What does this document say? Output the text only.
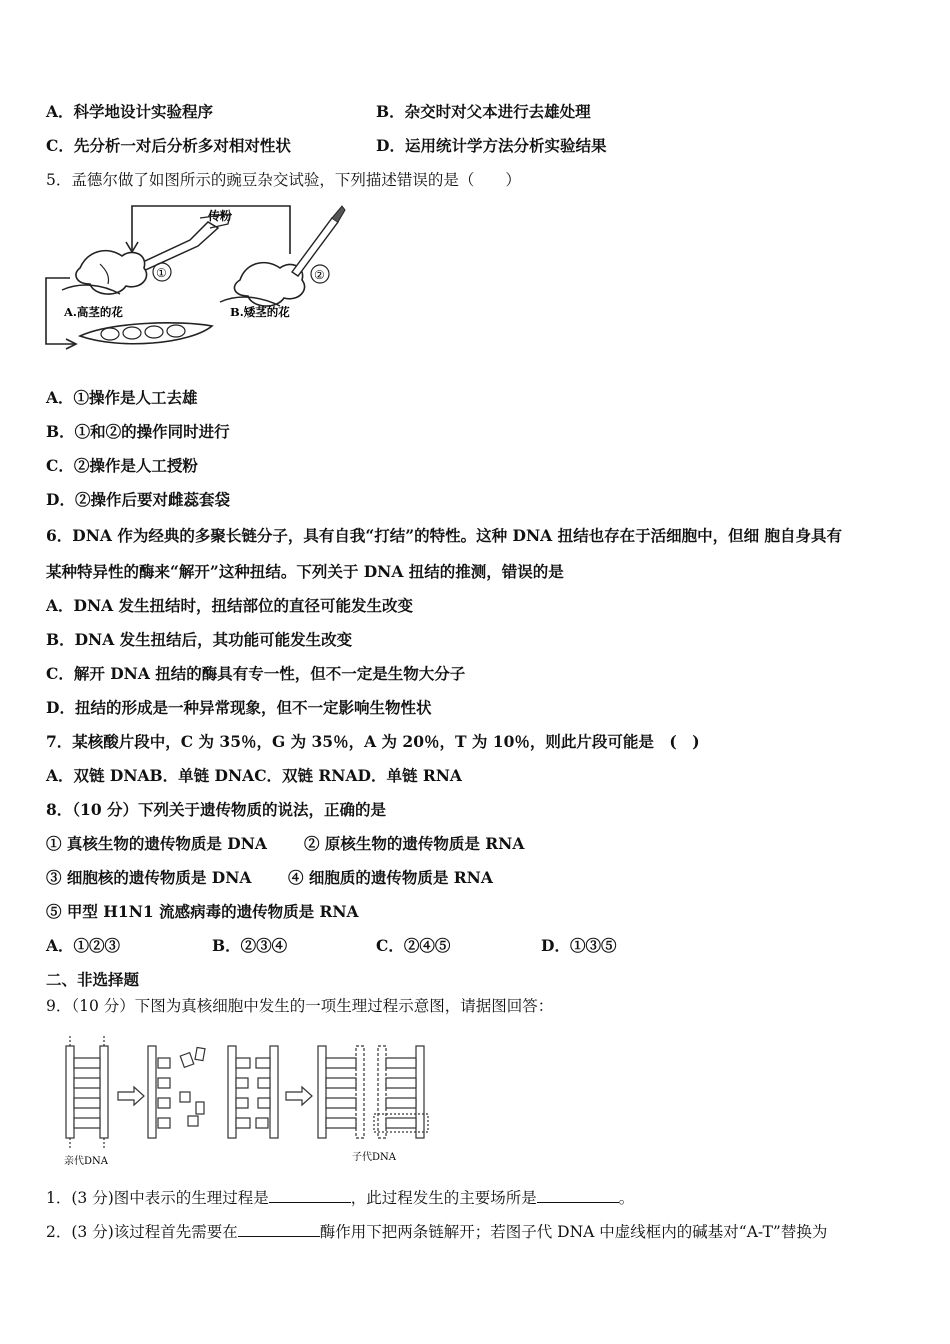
A．科学地设计实验程序	B．杂交时对父本进行去雄处理
C．先分析一对后分析多对相对性状	D．运用统计学方法分析实验结果
5．孟德尔做了如图所示的豌豆杂交试验，下列描述错误的是（　　）
传粉
①	②
A.高茎的花	B.矮茎的花
A．①操作是人工去雄
B．①和②的操作同时进行
C．②操作是人工授粉
D．②操作后要对雌蕊套袋
6．DNA 作为经典的多聚长链分子，具有自我“打结”的特性。这种 DNA 扭结也存在于活细胞中，但细 胞自身具有
某种特异性的酶来“解开”这种扭结。下列关于 DNA 扭结的推测，错误的是
A．DNA 发生扭结时，扭结部位的直径可能发生改变
B．DNA 发生扭结后，其功能可能发生改变
C．解开 DNA 扭结的酶具有专一性，但不一定是生物大分子
D．扭结的形成是一种异常现象，但不一定影响生物性状
7．某核酸片段中，C 为 35％，G 为 35％，A 为 20％，T 为 10％，则此片段可能是　(　)
A．双链 DNAB．单链 DNAC．双链 RNAD．单链 RNA
8．（10 分）下列关于遗传物质的说法，正确的是
① 真核生物的遗传物质是 DNA ② 原核生物的遗传物质是 RNA
③ 细胞核的遗传物质是 DNA ④ 细胞质的遗传物质是 RNA
⑤ 甲型 H1N1 流感病毒的遗传物质是 RNA
A．①②③	B．②③④	C．②④⑤	D．①③⑤
二、非选择题
9．（10 分）下图为真核细胞中发生的一项生理过程示意图，请据图回答：
亲代DNA	子代DNA
1．(3 分)图中表示的生理过程是	，此过程发生的主要场所是	。
2．(3 分)该过程首先需要在	酶作用下把两条链解开；若图子代 DNA 中虚线框内的碱基对“A-T”替换为
